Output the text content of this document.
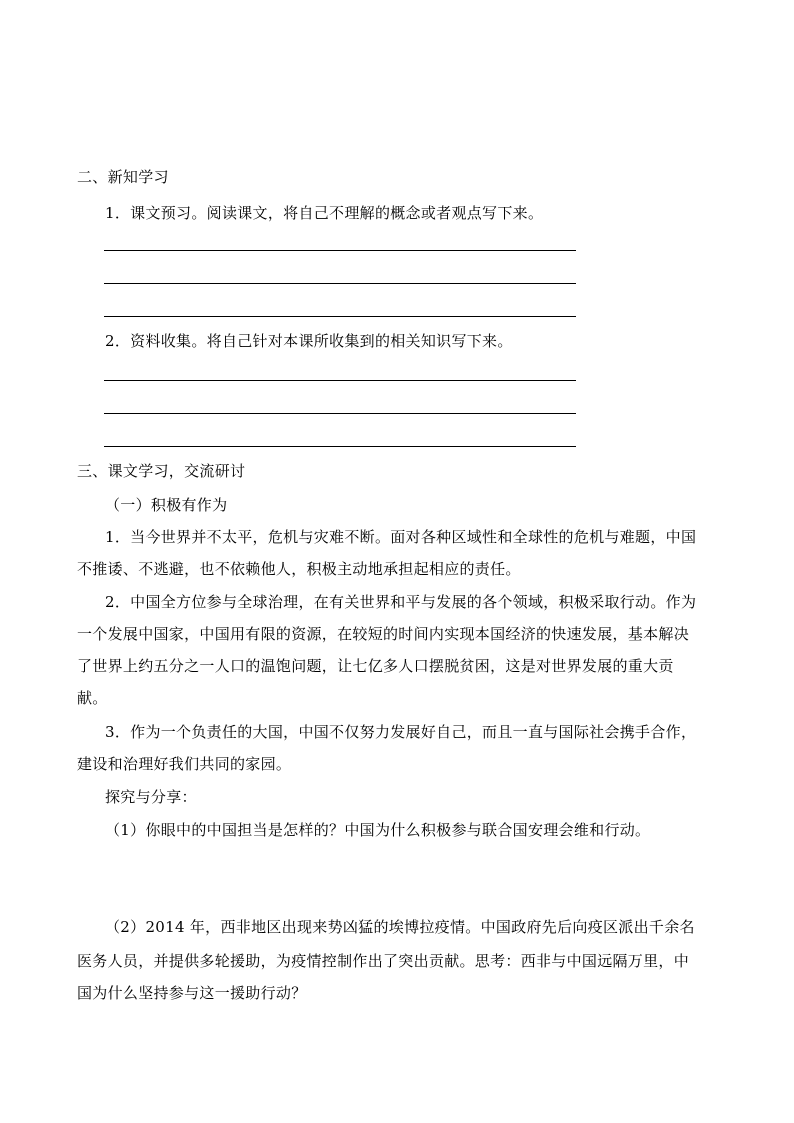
二、新知学习
1．课文预习。阅读课文，将自己不理解的概念或者观点写下来。
2．资料收集。将自己针对本课所收集到的相关知识写下来。
三、课文学习，交流研讨
（一）积极有作为
1．当今世界并不太平，危机与灾难不断。面对各种区域性和全球性的危机与难题，中国
不推诿、不逃避，也不依赖他人，积极主动地承担起相应的责任。
2．中国全方位参与全球治理，在有关世界和平与发展的各个领域，积极采取行动。作为
一个发展中国家，中国用有限的资源，在较短的时间内实现本国经济的快速发展，基本解决
了世界上约五分之一人口的温饱问题，让七亿多人口摆脱贫困，这是对世界发展的重大贡
献。
3．作为一个负责任的大国，中国不仅努力发展好自己，而且一直与国际社会携手合作，
建设和治理好我们共同的家园。
探究与分享：
（1）你眼中的中国担当是怎样的？中国为什么积极参与联合国安理会维和行动。
（2）2014 年，西非地区出现来势凶猛的埃博拉疫情。中国政府先后向疫区派出千余名
医务人员，并提供多轮援助，为疫情控制作出了突出贡献。思考：西非与中国远隔万里，中
国为什么坚持参与这一援助行动？
